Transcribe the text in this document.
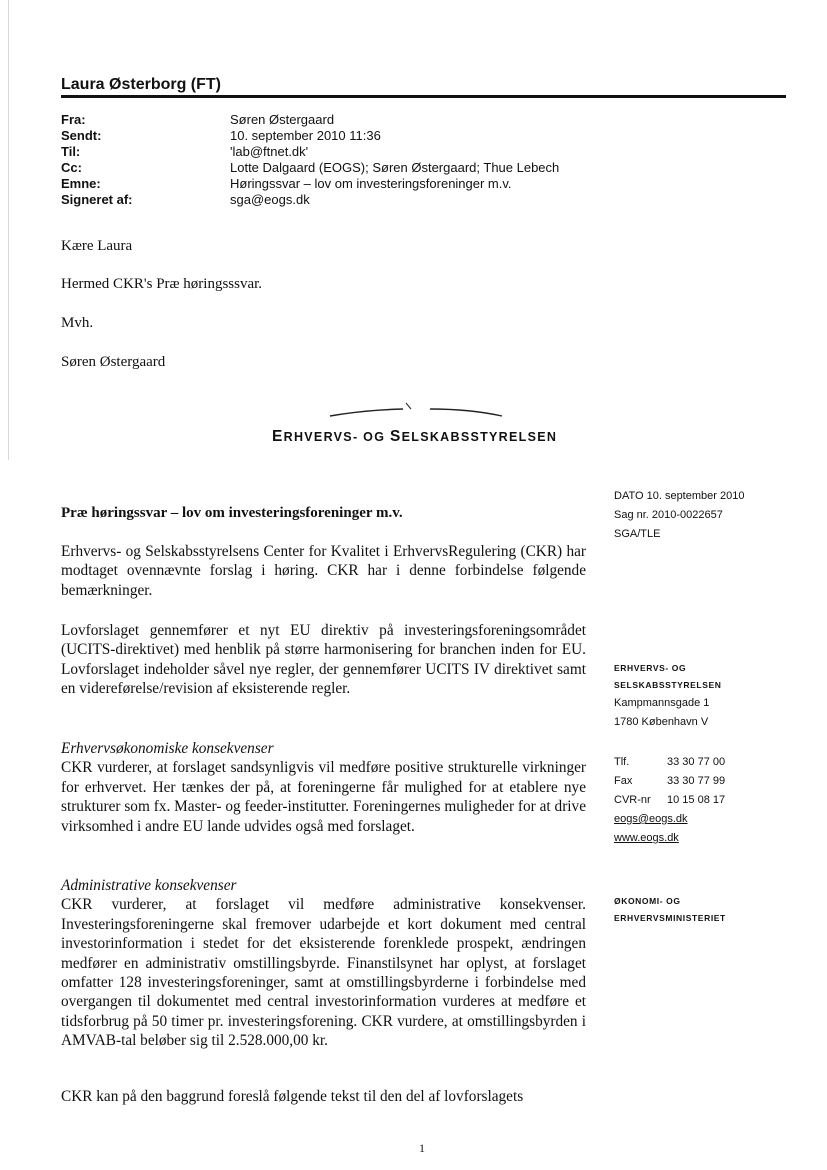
Laura Østerborg (FT)
Fra:	Søren Østergaard
Sendt:	10. september 2010 11:36
Til:	'lab@ftnet.dk'
Cc:	Lotte Dalgaard (EOGS); Søren Østergaard; Thue Lebech
Emne:	Høringssvar – lov om investeringsforeninger m.v.
Signeret af:	sga@eogs.dk
Kære Laura
Hermed CKR's Præ høringsssvar.
Mvh.
Søren Østergaard
ERHVERVS- OG SELSKABSSTYRELSEN
Præ høringssvar – lov om investeringsforeninger m.v.
Erhvervs- og Selskabsstyrelsens Center for Kvalitet i ErhvervsRegulering (CKR) har modtaget ovennævnte forslag i høring. CKR har i denne forbindelse følgende bemærkninger.
Lovforslaget gennemfører et nyt EU direktiv på investeringsforeningsområdet (UCITS-direktivet) med henblik på større harmonisering for branchen inden for EU. Lovforslaget indeholder såvel nye regler, der gennemfører UCITS IV direktivet samt en videreførelse/revision af eksisterende regler.
Erhvervsøkonomiske konsekvenser
CKR vurderer, at forslaget sandsynligvis vil medføre positive strukturelle virkninger for erhvervet. Her tænkes der på, at foreningerne får mulighed for at etablere nye strukturer som fx. Master- og feeder-institutter. Foreningernes muligheder for at drive virksomhed i andre EU lande udvides også med forslaget.
Administrative konsekvenser
CKR vurderer, at forslaget vil medføre administrative konsekvenser. Investeringsforeningerne skal fremover udarbejde et kort dokument med central investorinformation i stedet for det eksisterende forenklede prospekt, ændringen medfører en administrativ omstillingsbyrde. Finanstilsynet har oplyst, at forslaget omfatter 128 investeringsforeninger, samt at omstillingsbyrderne i forbindelse med overgangen til dokumentet med central investorinformation vurderes at medføre et tidsforbrug på 50 timer pr. investeringsforening. CKR vurdere, at omstillingsbyrden i AMVAB-tal beløber sig til 2.528.000,00 kr.
CKR kan på den baggrund foreslå følgende tekst til den del af lovforslagets
1
DATO 10. september 2010
Sag nr. 2010-0022657
SGA/TLE
ERHVERVS- OG
SELSKABSSTYRELSEN
Kampmannsgade 1
1780 København V
Tlf.	33 30 77 00
Fax	33 30 77 99
CVR-nr	10 15 08 17
eogs@eogs.dk
www.eogs.dk
ØKONOMI- OG
ERHVERVSMINISTERIET
